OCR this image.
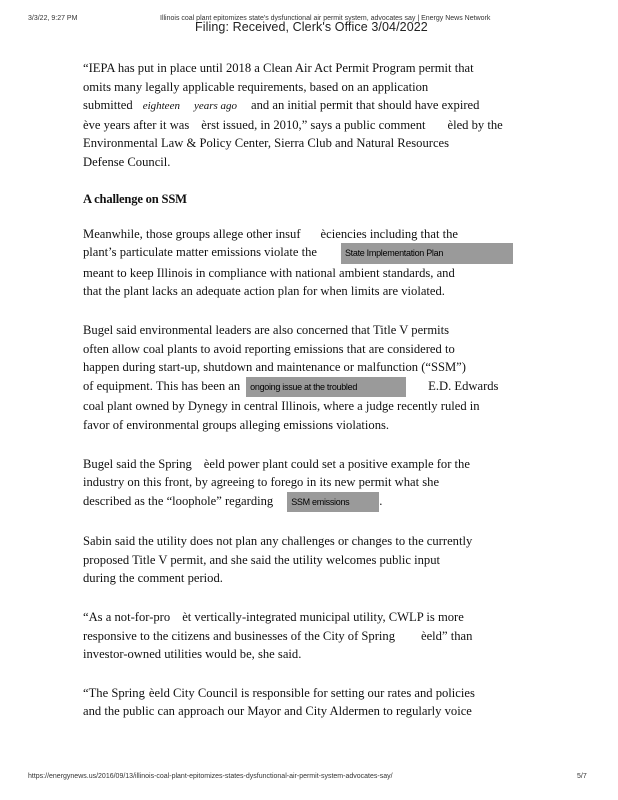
3/3/22, 9:27 PM	Illinois coal plant epitomizes state's dysfunctional air permit system, advocates say | Energy News Network
Filing: Received, Clerk's Office 3/04/2022
“IEPA has put in place until 2018 a Clean Air Act Permit Program permit that
omits many legally applicable requirements, based on an application
submitted eighteen years ago and an initial permit that should have expired
ève years after it was èrst issued, in 2010,” says a public comment èled by the
Environmental Law & Policy Center, Sierra Club and Natural Resources
Defense Council.
A challenge on SSM
Meanwhile, those groups allege other insuf èciencies including that the
plant’s particulate matter emissions violate the	State Implementation Plan
meant to keep Illinois in compliance with national ambient standards, and
that the plant lacks an adequate action plan for when limits are violated.
Bugel said environmental leaders are also concerned that Title V permits
often allow coal plants to avoid reporting emissions that are considered to
happen during start-up, shutdown and maintenance or malfunction (“SSM”)
of equipment. This has been an ongoing issue at the troubled	E.D. Edwards
coal plant owned by Dynegy in central Illinois, where a judge recently ruled in
favor of environmental groups alleging emissions violations.
Bugel said the Spring èeld power plant could set a positive example for the
industry on this front, by agreeing to forego in its new permit what she
described as the “loophole” regarding SSM emissions .
Sabin said the utility does not plan any challenges or changes to the currently
proposed Title V permit, and she said the utility welcomes public input
during the comment period.
“As a not-for-pro èt vertically-integrated municipal utility, CWLP is more
responsive to the citizens and businesses of the City of Spring èeld” than
investor-owned utilities would be, she said.
“The Spring èeld City Council is responsible for setting our rates and policies
and the public can approach our Mayor and City Aldermen to regularly voice
https://energynews.us/2016/09/13/illinois-coal-plant-epitomizes-states-dysfunctional-air-permit-system-advocates-say/	5/7
